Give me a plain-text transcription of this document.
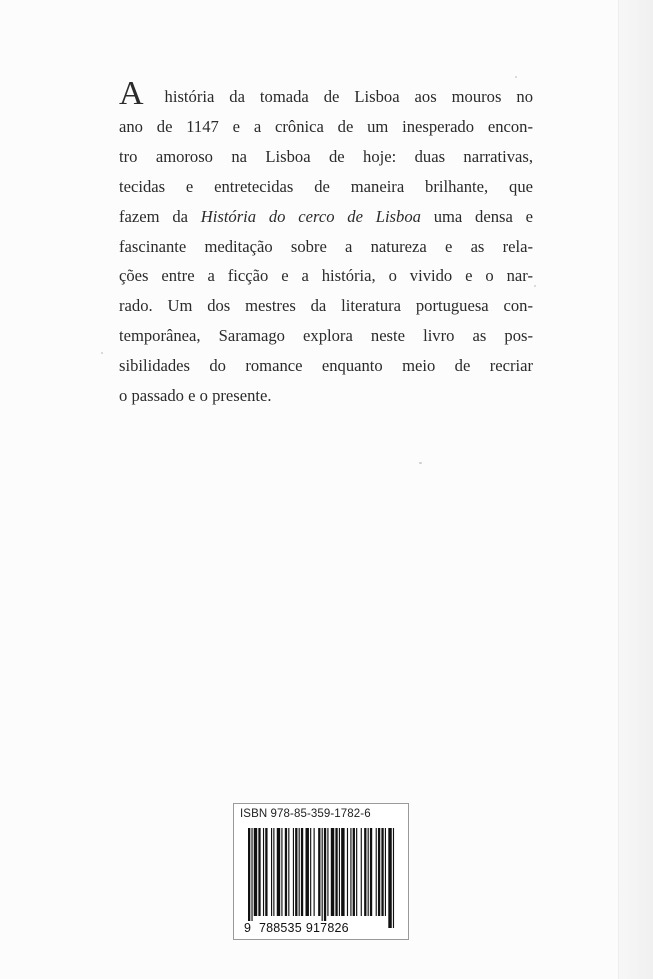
A história da tomada de Lisboa aos mouros no
ano de 1147 e a crônica de um inesperado encon-
tro amoroso na Lisboa de hoje: duas narrativas,
tecidas e entretecidas de maneira brilhante, que
fazem da História do cerco de Lisboa uma densa e
fascinante meditação sobre a natureza e as rela-
ções entre a ficção e a história, o vivido e o nar-
rado. Um dos mestres da literatura portuguesa con-
temporânea, Saramago explora neste livro as pos-
sibilidades do romance enquanto meio de recriar
o passado e o presente.
ISBN 978-85-359-1782-6
9 788535 917826
